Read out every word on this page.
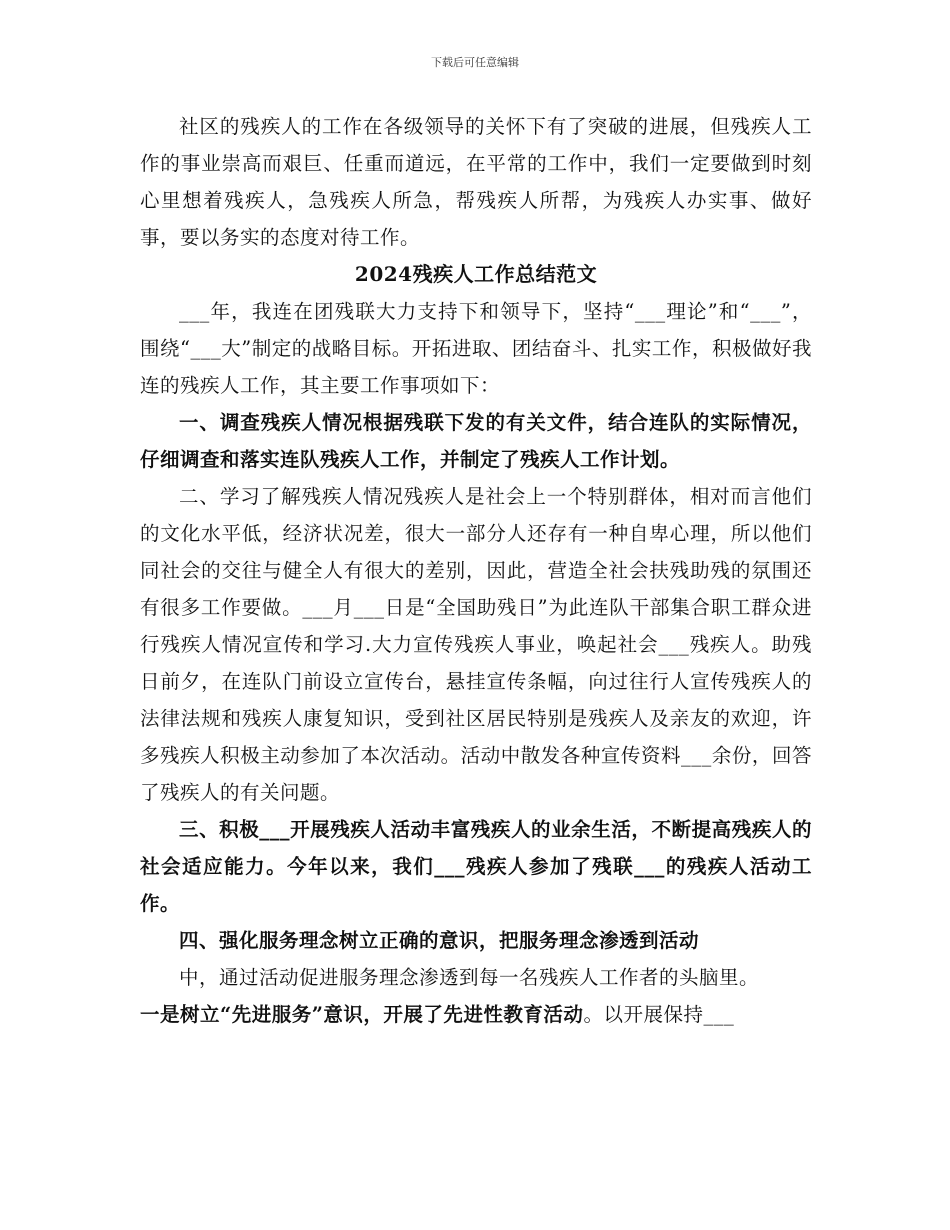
下载后可任意编辑

社区的残疾人的工作在各级领导的关怀下有了突破的进展，但残疾人工作的事业崇高而艰巨、任重而道远，在平常的工作中，我们一定要做到时刻心里想着残疾人，急残疾人所急，帮残疾人所帮，为残疾人办实事、做好事，要以务实的态度对待工作。

2024残疾人工作总结范文

___年，我连在团残联大力支持下和领导下，坚持“___理论”和“___”，围绕“___大”制定的战略目标。开拓进取、团结奋斗、扎实工作，积极做好我连的残疾人工作，其主要工作事项如下：

一、调查残疾人情况根据残联下发的有关文件，结合连队的实际情况，仔细调查和落实连队残疾人工作，并制定了残疾人工作计划。

二、学习了解残疾人情况残疾人是社会上一个特别群体，相对而言他们的文化水平低，经济状况差，很大一部分人还存有一种自卑心理，所以他们同社会的交往与健全人有很大的差别，因此，营造全社会扶残助残的氛围还有很多工作要做。___月___日是“全国助残日”为此连队干部集合职工群众进行残疾人情况宣传和学习.大力宣传残疾人事业，唤起社会___残疾人。助残日前夕，在连队门前设立宣传台，悬挂宣传条幅，向过往行人宣传残疾人的法律法规和残疾人康复知识，受到社区居民特别是残疾人及亲友的欢迎，许多残疾人积极主动参加了本次活动。活动中散发各种宣传资料___余份，回答了残疾人的有关问题。

三、积极___开展残疾人活动丰富残疾人的业余生活，不断提高残疾人的社会适应能力。今年以来，我们___残疾人参加了残联___的残疾人活动工作。

四、强化服务理念树立正确的意识，把服务理念渗透到活动

中，通过活动促进服务理念渗透到每一名残疾人工作者的头脑里。

一是树立“先进服务”意识，开展了先进性教育活动。以开展保持___
